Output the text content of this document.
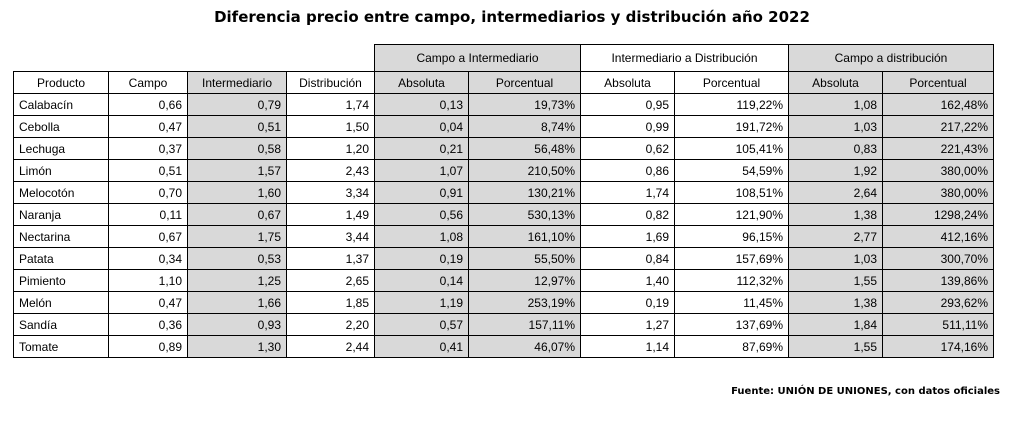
Diferencia precio entre campo, intermediarios y distribución año 2022
				Campo a Intermediario		Intermediario a Distribución		Campo a distribución	
Producto	Campo	Intermediario	Distribución	Absoluta	Porcentual	Absoluta	Porcentual	Absoluta	Porcentual
Calabacín	0,66	0,79	1,74	0,13	19,73%	0,95	119,22%	1,08	162,48%
Cebolla	0,47	0,51	1,50	0,04	8,74%	0,99	191,72%	1,03	217,22%
Lechuga	0,37	0,58	1,20	0,21	56,48%	0,62	105,41%	0,83	221,43%
Limón	0,51	1,57	2,43	1,07	210,50%	0,86	54,59%	1,92	380,00%
Melocotón	0,70	1,60	3,34	0,91	130,21%	1,74	108,51%	2,64	380,00%
Naranja	0,11	0,67	1,49	0,56	530,13%	0,82	121,90%	1,38	1298,24%
Nectarina	0,67	1,75	3,44	1,08	161,10%	1,69	96,15%	2,77	412,16%
Patata	0,34	0,53	1,37	0,19	55,50%	0,84	157,69%	1,03	300,70%
Pimiento	1,10	1,25	2,65	0,14	12,97%	1,40	112,32%	1,55	139,86%
Melón	0,47	1,66	1,85	1,19	253,19%	0,19	11,45%	1,38	293,62%
Sandía	0,36	0,93	2,20	0,57	157,11%	1,27	137,69%	1,84	511,11%
Tomate	0,89	1,30	2,44	0,41	46,07%	1,14	87,69%	1,55	174,16%
Fuente: UNIÓN DE UNIONES, con datos oficiales
